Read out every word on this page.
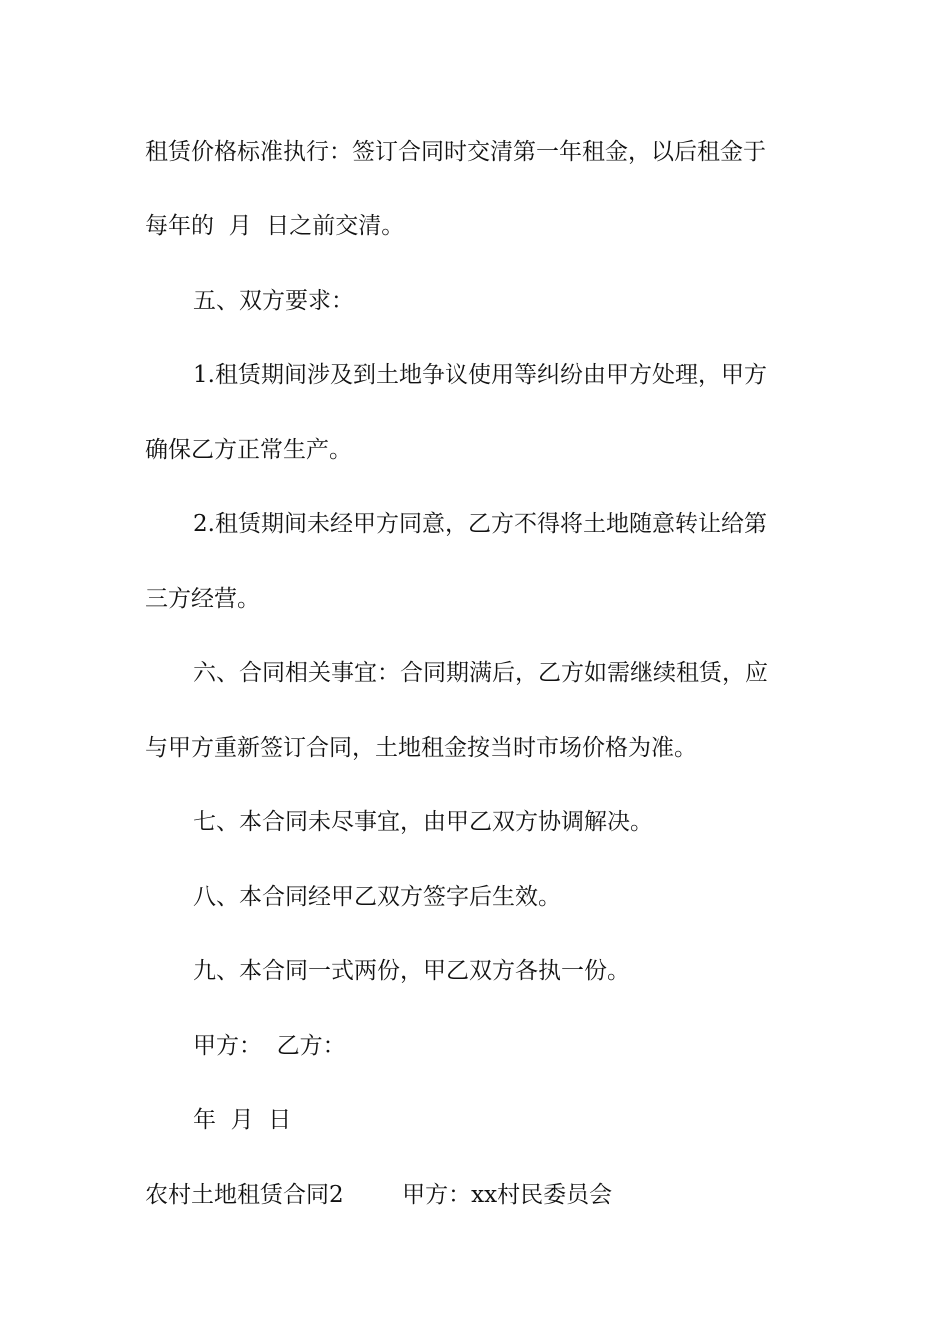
租赁价格标准执行：签订合同时交清第一年租金，以后租金于
每年的  月  日之前交清。
五、双方要求：
1.租赁期间涉及到土地争议使用等纠纷由甲方处理，甲方
确保乙方正常生产。
2.租赁期间未经甲方同意，乙方不得将土地随意转让给第
三方经营。
六、合同相关事宜：合同期满后，乙方如需继续租赁，应
与甲方重新签订合同，土地租金按当时市场价格为准。
七、本合同未尽事宜，由甲乙双方协调解决。
八、本合同经甲乙双方签字后生效。
九、本合同一式两份，甲乙双方各执一份。
甲方：  乙方：
年  月  日
农村土地租赁合同2        甲方：xx村民委员会
